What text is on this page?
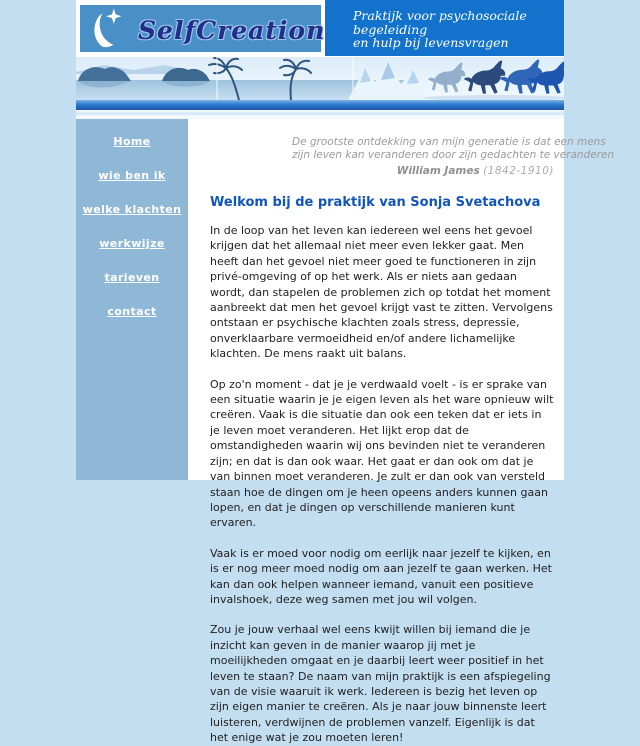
SelfCreation
Praktijk voor psychosociale
begeleiding
en hulp bij levensvragen
Home
wie ben ik
welke klachten
werkwijze
tarieven
contact
De grootste ontdekking van mijn generatie is dat een mens
zijn leven kan veranderen door zijn gedachten te veranderen
William James (1842-1910)
Welkom bij de praktijk van Sonja Svetachova

In de loop van het leven kan iedereen wel eens het gevoel krijgen dat het allemaal niet meer even lekker gaat. Men heeft dan het gevoel niet meer goed te functioneren in zijn privé-omgeving of op het werk. Als er niets aan gedaan wordt, dan stapelen de problemen zich op totdat het moment aanbreekt dat men het gevoel krijgt vast te zitten. Vervolgens ontstaan er psychische klachten zoals stress, depressie, onverklaarbare vermoeidheid en/of andere lichamelijke klachten. De mens raakt uit balans.

Op zo'n moment - dat je je verdwaald voelt - is er sprake van een situatie waarin je je eigen leven als het ware opnieuw wilt creëren. Vaak is die situatie dan ook een teken dat er iets in je leven moet veranderen. Het lijkt erop dat de omstandigheden waarin wij ons bevinden niet te veranderen zijn; en dat is dan ook waar. Het gaat er dan ook om dat je van binnen moet veranderen. Je zult er dan ook van versteld staan hoe de dingen om je heen opeens anders kunnen gaan lopen, en dat je dingen op verschillende manieren kunt ervaren.

Vaak is er moed voor nodig om eerlijk naar jezelf te kijken, en is er nog meer moed nodig om aan jezelf te gaan werken. Het kan dan ook helpen wanneer iemand, vanuit een positieve invalshoek, deze weg samen met jou wil volgen.

Zou je jouw verhaal wel eens kwijt willen bij iemand die je inzicht kan geven in de manier waarop jij met je moeilijkheden omgaat en je daarbij leert weer positief in het leven te staan? De naam van mijn praktijk is een afspiegeling van de visie waaruit ik werk. Iedereen is bezig het leven op zijn eigen manier te creëren. Als je naar jouw binnenste leert luisteren, verdwijnen de problemen vanzelf. Eigenlijk is dat het enige wat je zou moeten leren!
